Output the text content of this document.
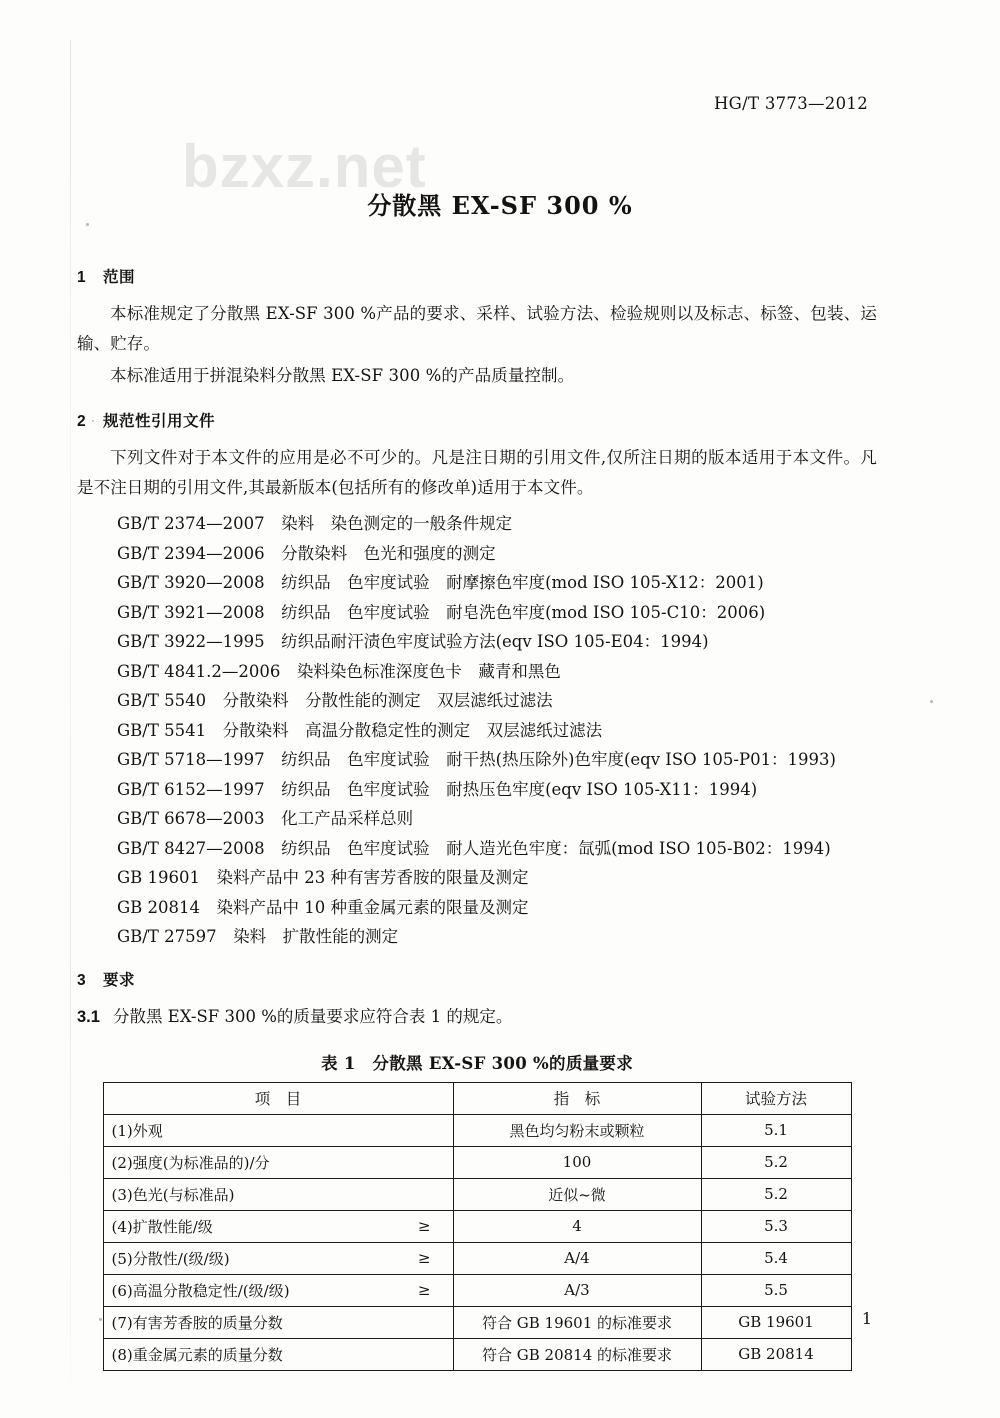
HG/T 3773—2012
bzxz.net
分散黑 EX-SF 300 %
1 范围

本标准规定了分散黑 EX-SF 300 %产品的要求、采样、试验方法、检验规则以及标志、标签、包装、运输、贮存。

本标准适用于拼混染料分散黑 EX-SF 300 %的产品质量控制。

2 规范性引用文件

下列文件对于本文件的应用是必不可少的。凡是注日期的引用文件,仅所注日期的版本适用于本文件。凡是不注日期的引用文件,其最新版本(包括所有的修改单)适用于本文件。

GB/T 2374—2007　染料　染色测定的一般条件规定
GB/T 2394—2006　分散染料　色光和强度的测定
GB/T 3920—2008　纺织品　色牢度试验　耐摩擦色牢度(mod ISO 105-X12：2001)
GB/T 3921—2008　纺织品　色牢度试验　耐皂洗色牢度(mod ISO 105-C10：2006)
GB/T 3922—1995　纺织品耐汗渍色牢度试验方法(eqv ISO 105-E04：1994)
GB/T 4841.2—2006　染料染色标准深度色卡　藏青和黑色
GB/T 5540　分散染料　分散性能的测定　双层滤纸过滤法
GB/T 5541　分散染料　高温分散稳定性的测定　双层滤纸过滤法
GB/T 5718—1997　纺织品　色牢度试验　耐干热(热压除外)色牢度(eqv ISO 105-P01：1993)
GB/T 6152—1997　纺织品　色牢度试验　耐热压色牢度(eqv ISO 105-X11：1994)
GB/T 6678—2003　化工产品采样总则
GB/T 8427—2008　纺织品　色牢度试验　耐人造光色牢度：氙弧(mod ISO 105-B02：1994)
GB 19601　染料产品中 23 种有害芳香胺的限量及测定
GB 20814　染料产品中 10 种重金属元素的限量及测定
GB/T 27597　染料　扩散性能的测定
3 要求

3.1 分散黑 EX-SF 300 %的质量要求应符合表 1 的规定。

表 1　分散黑 EX-SF 300 %的质量要求
项　目	指　标	试验方法
(1)外观	黑色均匀粉末或颗粒	5.1
(2)强度(为标准品的)/分	100	5.2
(3)色光(与标准品)	近似~微	5.2
(4)扩散性能/级 ≥	4	5.3
(5)分散性/(级/级) ≥	A/4	5.4
(6)高温分散稳定性/(级/级) ≥	A/3	5.5
(7)有害芳香胺的质量分数	符合 GB 19601 的标准要求	GB 19601
(8)重金属元素的质量分数	符合 GB 20814 的标准要求	GB 20814
1
